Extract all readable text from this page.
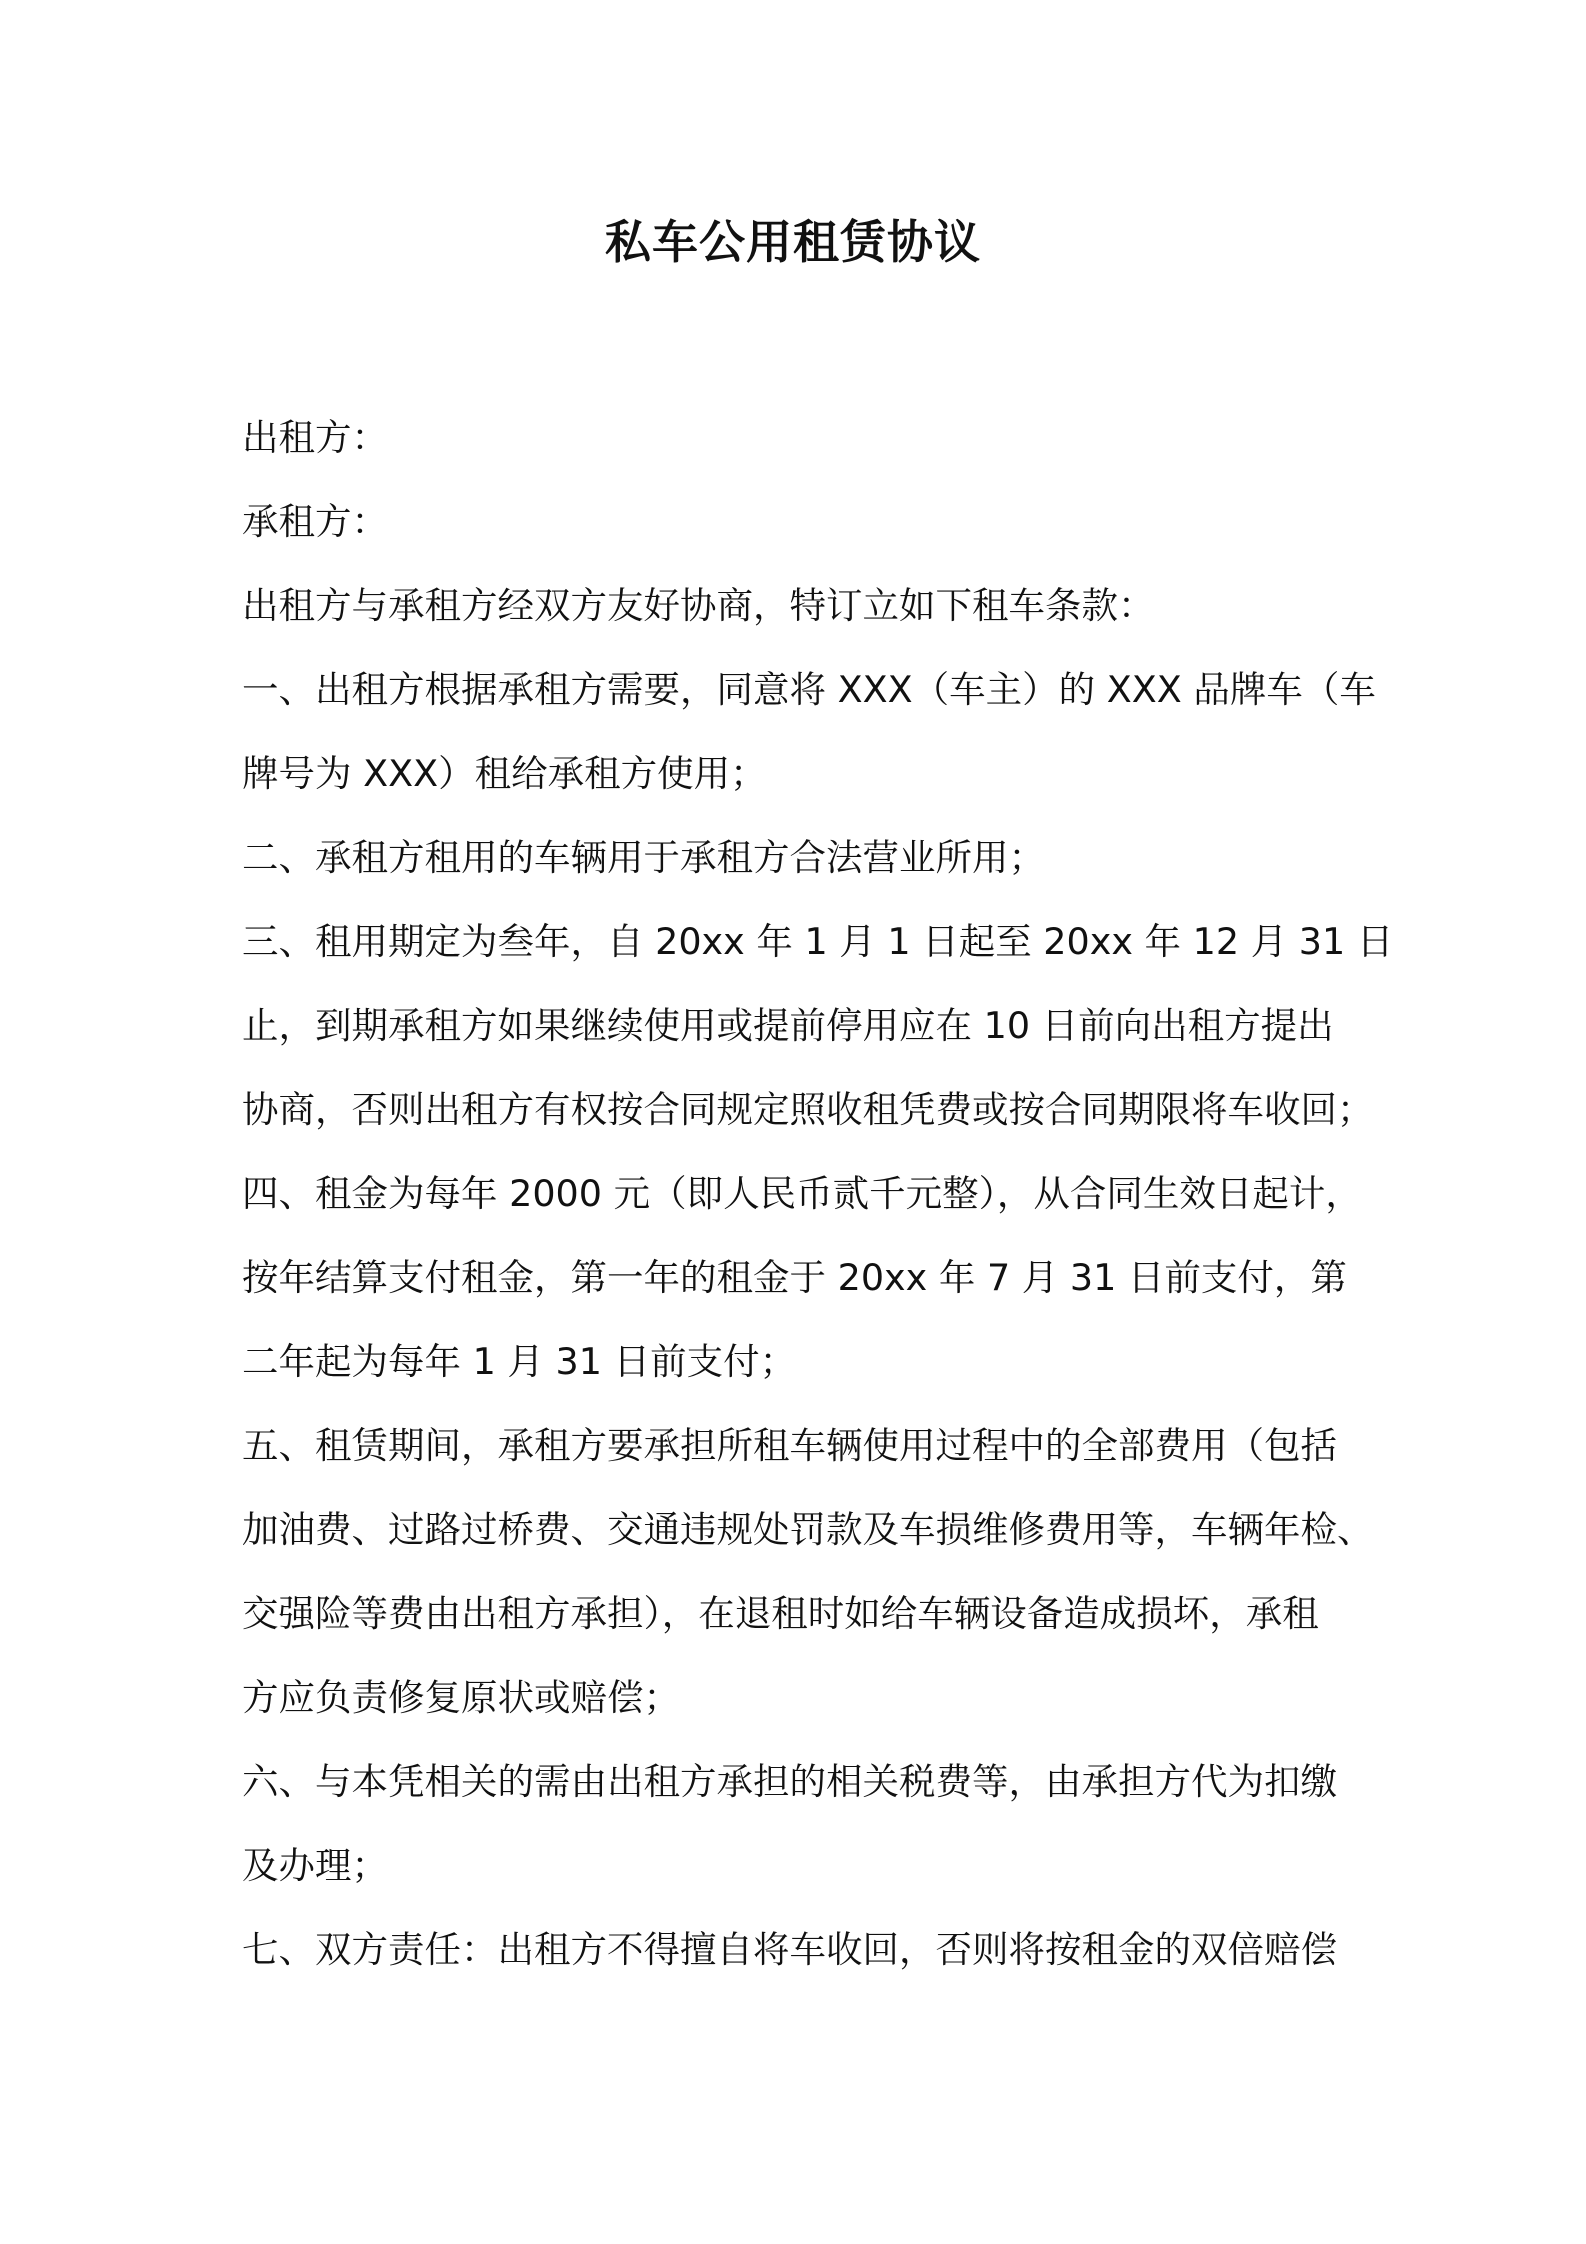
私车公用租赁协议
出租方：
承租方：
出租方与承租方经双方友好协商，特订立如下租车条款：
一、出租方根据承租方需要，同意将 XXX（车主）的 XXX 品牌车（车
牌号为 XXX）租给承租方使用；
二、承租方租用的车辆用于承租方合法营业所用；
三、租用期定为叁年，自 20xx 年 1 月 1 日起至 20xx 年 12 月 31 日
止，到期承租方如果继续使用或提前停用应在 10 日前向出租方提出
协商，否则出租方有权按合同规定照收租凭费或按合同期限将车收回；
四、租金为每年 2000 元（即人民币贰千元整），从合同生效日起计，
按年结算支付租金，第一年的租金于 20xx 年 7 月 31 日前支付，第
二年起为每年 1 月 31 日前支付；
五、租赁期间，承租方要承担所租车辆使用过程中的全部费用（包括
加油费、过路过桥费、交通违规处罚款及车损维修费用等，车辆年检、
交强险等费由出租方承担），在退租时如给车辆设备造成损坏，承租
方应负责修复原状或赔偿；
六、与本凭相关的需由出租方承担的相关税费等，由承担方代为扣缴
及办理；
七、双方责任：出租方不得擅自将车收回，否则将按租金的双倍赔偿
